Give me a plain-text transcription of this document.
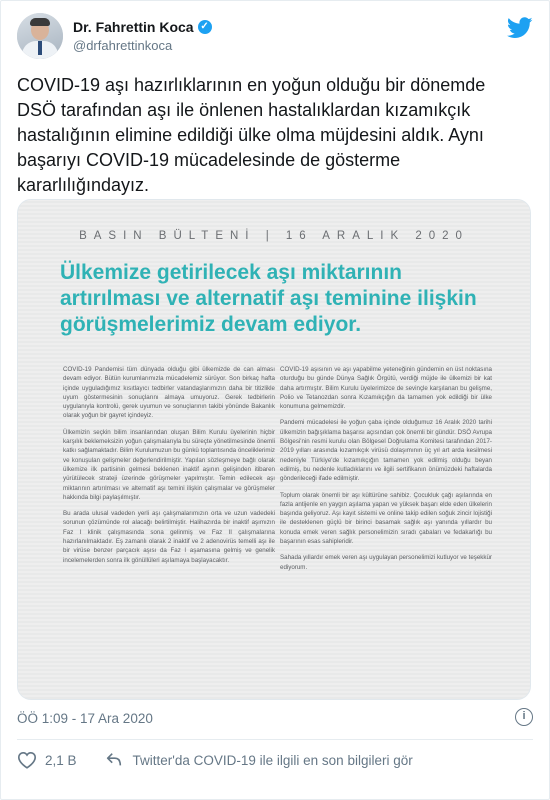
Dr. Fahrettin Koca ✓
@drfahrettinkoca

COVID-19 aşı hazırlıklarının en yoğun olduğu bir dönemde DSÖ tarafından aşı ile önlenen hastalıklardan kızamıkçık hastalığının elimine edildiği ülke olma müjdesini aldık. Aynı başarıyı COVID-19 mücadelesinde de gösterme kararlılığındayız.

BASIN BÜLTENİ | 16 ARALIK 2020
Ülkemize getirilecek aşı miktarının artırılması ve alternatif aşı teminine ilişkin görüşmelerimiz devam ediyor.

COVID-19 Pandemisi tüm dünyada olduğu gibi ülkemizde de can alması devam ediyor. Bütün kurumlarımızla mücadelemiz sürüyor. Son birkaç hafta içinde uyguladığımız kısıtlayıcı tedbirler vatandaşlarımızın daha bir titizlikle uyum göstermesinin sonuçlarını almaya umuyoruz. Gerek tedbirlerin uygulanıyla kontrolü, gerek uyumun ve sonuçlarının takibi yönünde Bakanlık olarak yoğun bir gayret içindeyiz.

Ülkemizin seçkin bilim insanlarından oluşan Bilim Kurulu üyelerinin hiçbir karşılık beklemeksizin yoğun çalışmalarıyla bu süreçte yönetilmesinde önemli katkı sağlamaktadır. Bilim Kurulumuzun bu günkü toplantısında önceliklerimiz ve konuşulan gelişmeler değerlendirilmiştir. Yapılan sözleşmeye bağlı olarak ülkemize ilk partisinin gelmesi beklenen inaktif aşının gelişinden itibaren yürütülecek strateji üzerinde görüşmeler yapılmıştır. Temin edilecek aşı miktarının artırılması ve alternatif aşı temini ilişkin çalışmalar ve görüşmeler hakkında bilgi paylaşılmıştır.

Bu arada ulusal vadeden yerli aşı çalışmalarımızın orta ve uzun vadedeki sorunun çözümünde rol alacağı belirtilmiştir. Halihazırda bir inaktif aşımızın Faz I klinik çalışmasında sona gelinmiş ve Faz II çalışmalarına hazırlanılmaktadır. Eş zamanlı olarak 2 inaktif ve 2 adenovirüs temelli aşı ile bir virüse benzer parçacık aşısı da Faz I aşamasına gelmiş ve genelik incelemelerden sonra ilk gönüllüleri aşılamaya başlayacaktır.

COVID-19 aşısının ve aşı yapabilme yeteneğinin gündemin en üst noktasına oturduğu bu günde Dünya Sağlık Örgütü, verdiği müjde ile ülkemizi bir kat daha artırmıştır. Bilim Kurulu üyelerimizce de sevinçle karşılanan bu gelişme, Polio ve Tetanozdan sonra Kızamıkçığın da tamamen yok edildiği bir ülke konumuna gelmemizdir.

Pandemi mücadelesi ile yoğun çaba içinde olduğumuz 16 Aralık 2020 tarihi ülkemizin bağışıklama başarısı açısından çok önemli bir gündür. DSÖ Avrupa Bölgesi'nin resmi kurulu olan Bölgesel Doğrulama Komitesi tarafından 2017-2019 yılları arasında kızamıkçık virüsü dolaşımının üç yıl art arda kesilmesi nedeniyle Türkiye'de kızamıkçığın tamamen yok edilmiş olduğu beyan edilmiş, bu nedenle kutladıklarını ve ilgili sertifikanın önümüzdeki haftalarda gönderileceği ifade edilmiştir.

Toplum olarak önemli bir aşı kültürüne sahibiz. Çocukluk çağı aşılarında en fazla antijenle en yaygın aşılama yapan ve yüksek başarı elde eden ülkelerin başında geliyoruz. Aşı kayıt sistemi ve online takip edilen soğuk zincir lojistiği ile desteklenen güçlü bir birinci basamak sağlık aşı yanında yıllardır bu konuda emek veren sağlık personelimizin sıradı çabaları ve fedakarlığı bu başarının esas sahipleridir.

Sahada yıllardır emek veren aşı uygulayan personelimizi kutluyor ve teşekkür ediyorum.

ÖÖ 1:09 - 17 Ara 2020	i
2,1 B	Twitter'da COVID-19 ile ilgili en son bilgileri gör
